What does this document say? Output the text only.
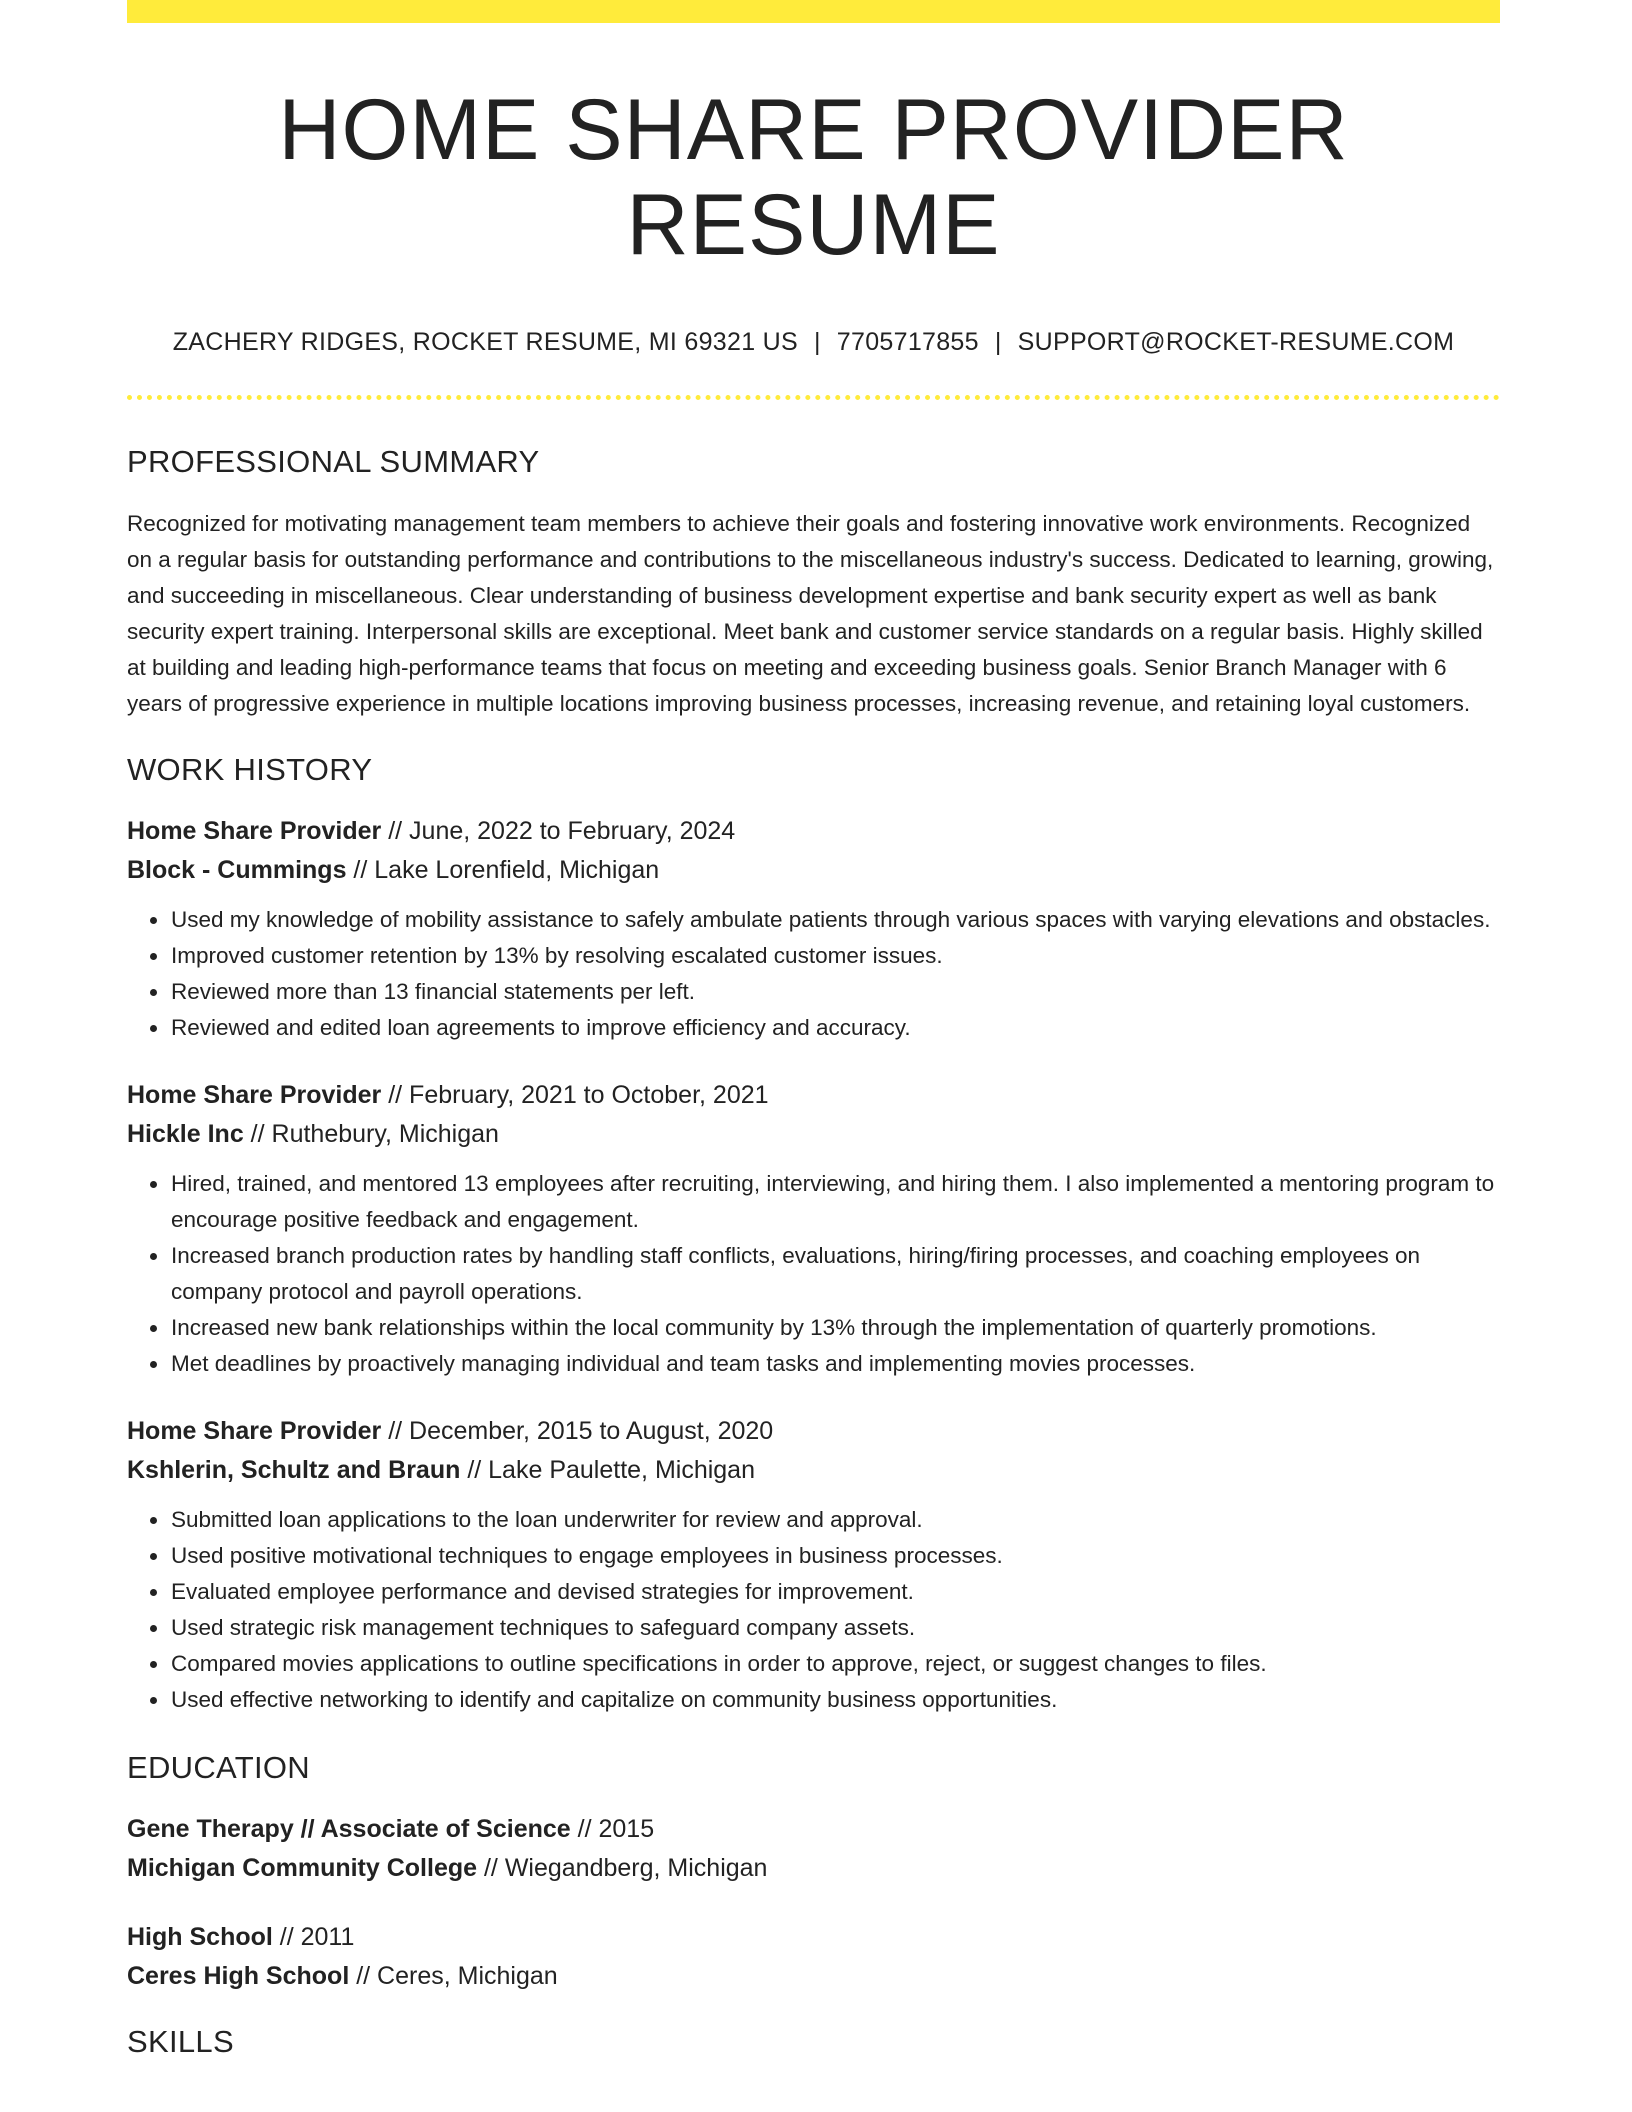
HOME SHARE PROVIDER RESUME
ZACHERY RIDGES, ROCKET RESUME, MI 69321 US | 7705717855 | SUPPORT@ROCKET-RESUME.COM
PROFESSIONAL SUMMARY

Recognized for motivating management team members to achieve their goals and fostering innovative work environments. Recognized on a regular basis for outstanding performance and contributions to the miscellaneous industry's success. Dedicated to learning, growing, and succeeding in miscellaneous. Clear understanding of business development expertise and bank security expert as well as bank security expert training. Interpersonal skills are exceptional. Meet bank and customer service standards on a regular basis. Highly skilled at building and leading high-performance teams that focus on meeting and exceeding business goals. Senior Branch Manager with 6 years of progressive experience in multiple locations improving business processes, increasing revenue, and retaining loyal customers.

WORK HISTORY
Home Share Provider // June, 2022 to February, 2024
Block - Cummings // Lake Lorenfield, Michigan
• Used my knowledge of mobility assistance to safely ambulate patients through various spaces with varying elevations and obstacles.
• Improved customer retention by 13% by resolving escalated customer issues.
• Reviewed more than 13 financial statements per left.
• Reviewed and edited loan agreements to improve efficiency and accuracy.
Home Share Provider // February, 2021 to October, 2021
Hickle Inc // Ruthebury, Michigan
• Hired, trained, and mentored 13 employees after recruiting, interviewing, and hiring them. I also implemented a mentoring program to encourage positive feedback and engagement.
• Increased branch production rates by handling staff conflicts, evaluations, hiring/firing processes, and coaching employees on company protocol and payroll operations.
• Increased new bank relationships within the local community by 13% through the implementation of quarterly promotions.
• Met deadlines by proactively managing individual and team tasks and implementing movies processes.
Home Share Provider // December, 2015 to August, 2020
Kshlerin, Schultz and Braun // Lake Paulette, Michigan
• Submitted loan applications to the loan underwriter for review and approval.
• Used positive motivational techniques to engage employees in business processes.
• Evaluated employee performance and devised strategies for improvement.
• Used strategic risk management techniques to safeguard company assets.
• Compared movies applications to outline specifications in order to approve, reject, or suggest changes to files.
• Used effective networking to identify and capitalize on community business opportunities.
EDUCATION
Gene Therapy // Associate of Science // 2015
Michigan Community College // Wiegandberg, Michigan
High School // 2011
Ceres High School // Ceres, Michigan
SKILLS
